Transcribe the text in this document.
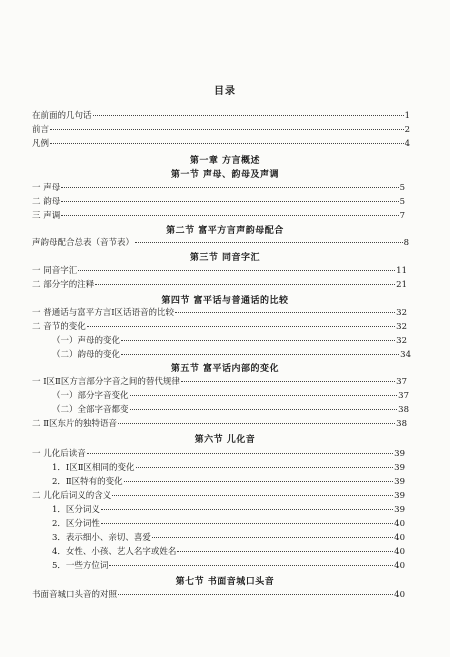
目录
在前面的几句话	1
前言	2
凡例	4
第一章 方言概述
第一节 声母、韵母及声调
一 声母	5
二 韵母	5
三 声调	7
第二节 富平方言声韵母配合
声韵母配合总表（音节表）	8
第三节 同音字汇
一 同音字汇	11
二 部分字的注释	21
第四节 富平话与普通话的比较
一 普通话与富平方言Ⅰ区话语音的比较	32
二 音节的变化	32
（一）声母的变化	32
（二）韵母的变化	34
第五节 富平话内部的变化
一 Ⅰ区Ⅱ区方言部分字音之间的替代规律	37
（一）部分字音变化	37
（二）全部字音都变	38
二 Ⅱ区东片的独特语音	38
第六节 儿化音
一 儿化后读音	39
1．Ⅰ区Ⅱ区相同的变化	39
2．Ⅱ区特有的变化	39
二 儿化后词义的含义	39
1．区分词义	39
2．区分词性	40
3．表示细小、亲切、喜爱	40
4．女性、小孩、艺人名字或姓名	40
5．一些方位词	40
第七节 书面音城口头音
书面音城口头音的对照	40
